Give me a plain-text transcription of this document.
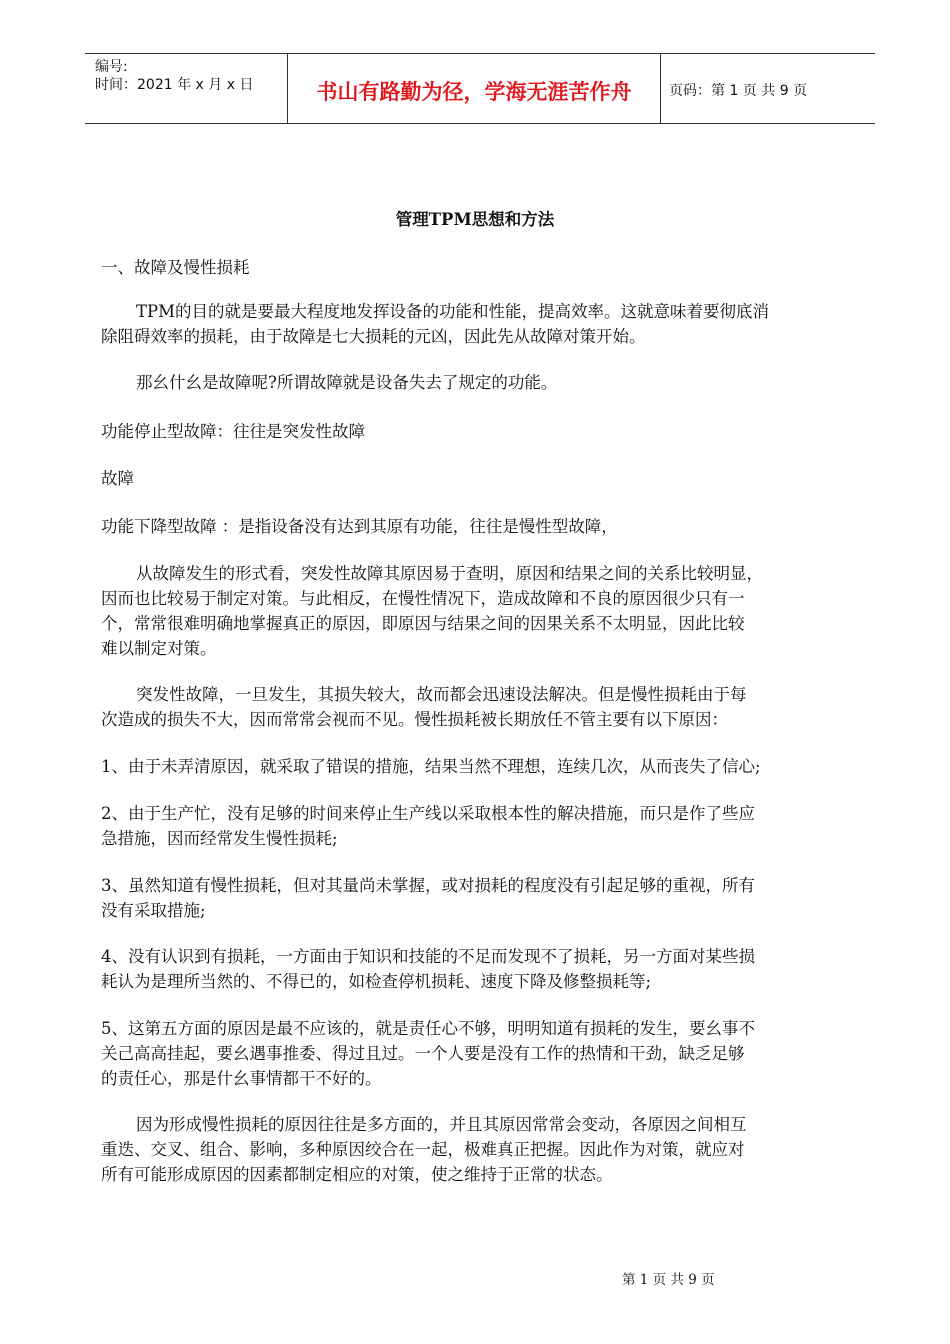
编号:
时间：2021 年 x 月 x 日	书山有路勤为径，学海无涯苦作舟	页码：第 1 页 共 9 页
管理TPM思想和方法
一、故障及慢性损耗
TPM的目的就是要最大程度地发挥设备的功能和性能，提高效率。这就意味着要彻底消
除阻碍效率的损耗，由于故障是七大损耗的元凶，因此先从故障对策开始。
那幺什幺是故障呢?所谓故障就是设备失去了规定的功能。
功能停止型故障：往往是突发性故障
故障
功能下降型故障 ：是指设备没有达到其原有功能，往往是慢性型故障，
从故障发生的形式看，突发性故障其原因易于查明，原因和结果之间的关系比较明显，
因而也比较易于制定对策。与此相反，在慢性情况下，造成故障和不良的原因很少只有一
个，常常很难明确地掌握真正的原因，即原因与结果之间的因果关系不太明显，因此比较
难以制定对策。
突发性故障，一旦发生，其损失较大，故而都会迅速设法解决。但是慢性损耗由于每
次造成的损失不大，因而常常会视而不见。慢性损耗被长期放任不管主要有以下原因：
1、由于未弄清原因，就采取了错误的措施，结果当然不理想，连续几次，从而丧失了信心;
2、由于生产忙，没有足够的时间来停止生产线以采取根本性的解决措施，而只是作了些应
急措施，因而经常发生慢性损耗;
3、虽然知道有慢性损耗，但对其量尚未掌握，或对损耗的程度没有引起足够的重视，所有
没有采取措施;
4、没有认识到有损耗，一方面由于知识和技能的不足而发现不了损耗，另一方面对某些损
耗认为是理所当然的、不得已的，如检查停机损耗、速度下降及修整损耗等;
5、这第五方面的原因是最不应该的，就是责任心不够，明明知道有损耗的发生，要幺事不
关己高高挂起，要幺遇事推委、得过且过。一个人要是没有工作的热情和干劲，缺乏足够
的责任心，那是什幺事情都干不好的。
因为形成慢性损耗的原因往往是多方面的，并且其原因常常会变动，各原因之间相互
重迭、交叉、组合、影响，多种原因绞合在一起，极难真正把握。因此作为对策，就应对
所有可能形成原因的因素都制定相应的对策，使之维持于正常的状态。
第 1 页 共 9 页
